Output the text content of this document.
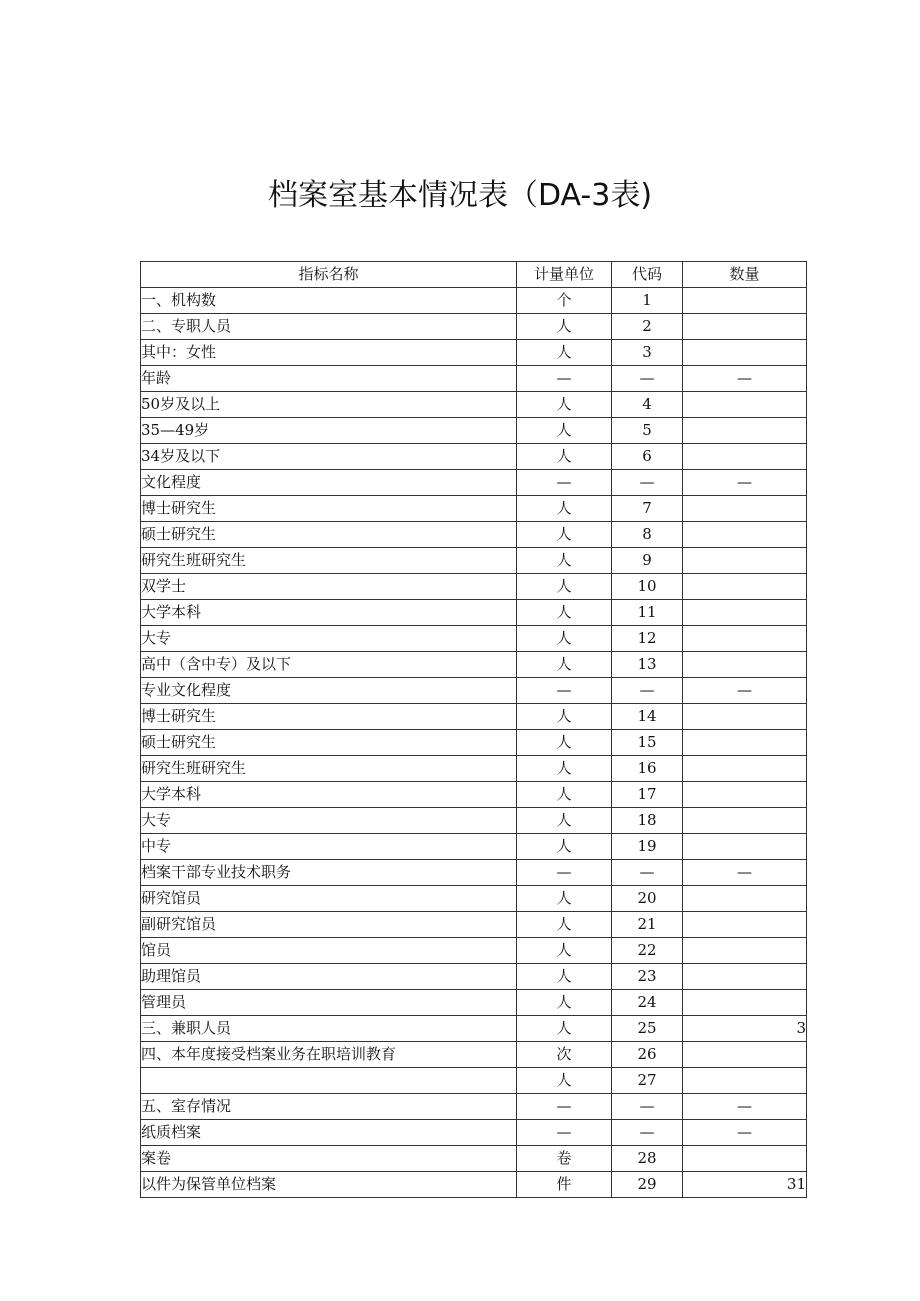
档案室基本情况表（DA-3表)
指标名称	计量单位	代码	数量
一、机构数	个	1	
二、专职人员	人	2	
其中：女性	人	3	
年龄	—	—	—
50岁及以上	人	4	
35—49岁	人	5	
34岁及以下	人	6	
文化程度	—	—	—
博士研究生	人	7	
硕士研究生	人	8	
研究生班研究生	人	9	
双学士	人	10	
大学本科	人	11	
大专	人	12	
高中（含中专）及以下	人	13	
专业文化程度	—	—	—
博士研究生	人	14	
硕士研究生	人	15	
研究生班研究生	人	16	
大学本科	人	17	
大专	人	18	
中专	人	19	
档案干部专业技术职务	—	—	—
研究馆员	人	20	
副研究馆员	人	21	
馆员	人	22	
助理馆员	人	23	
管理员	人	24	
三、兼职人员	人	25	3
四、本年度接受档案业务在职培训教育	次	26	
	人	27	
五、室存情况	—	—	—
纸质档案	—	—	—
案卷	卷	28	
以件为保管单位档案	件	29	31
